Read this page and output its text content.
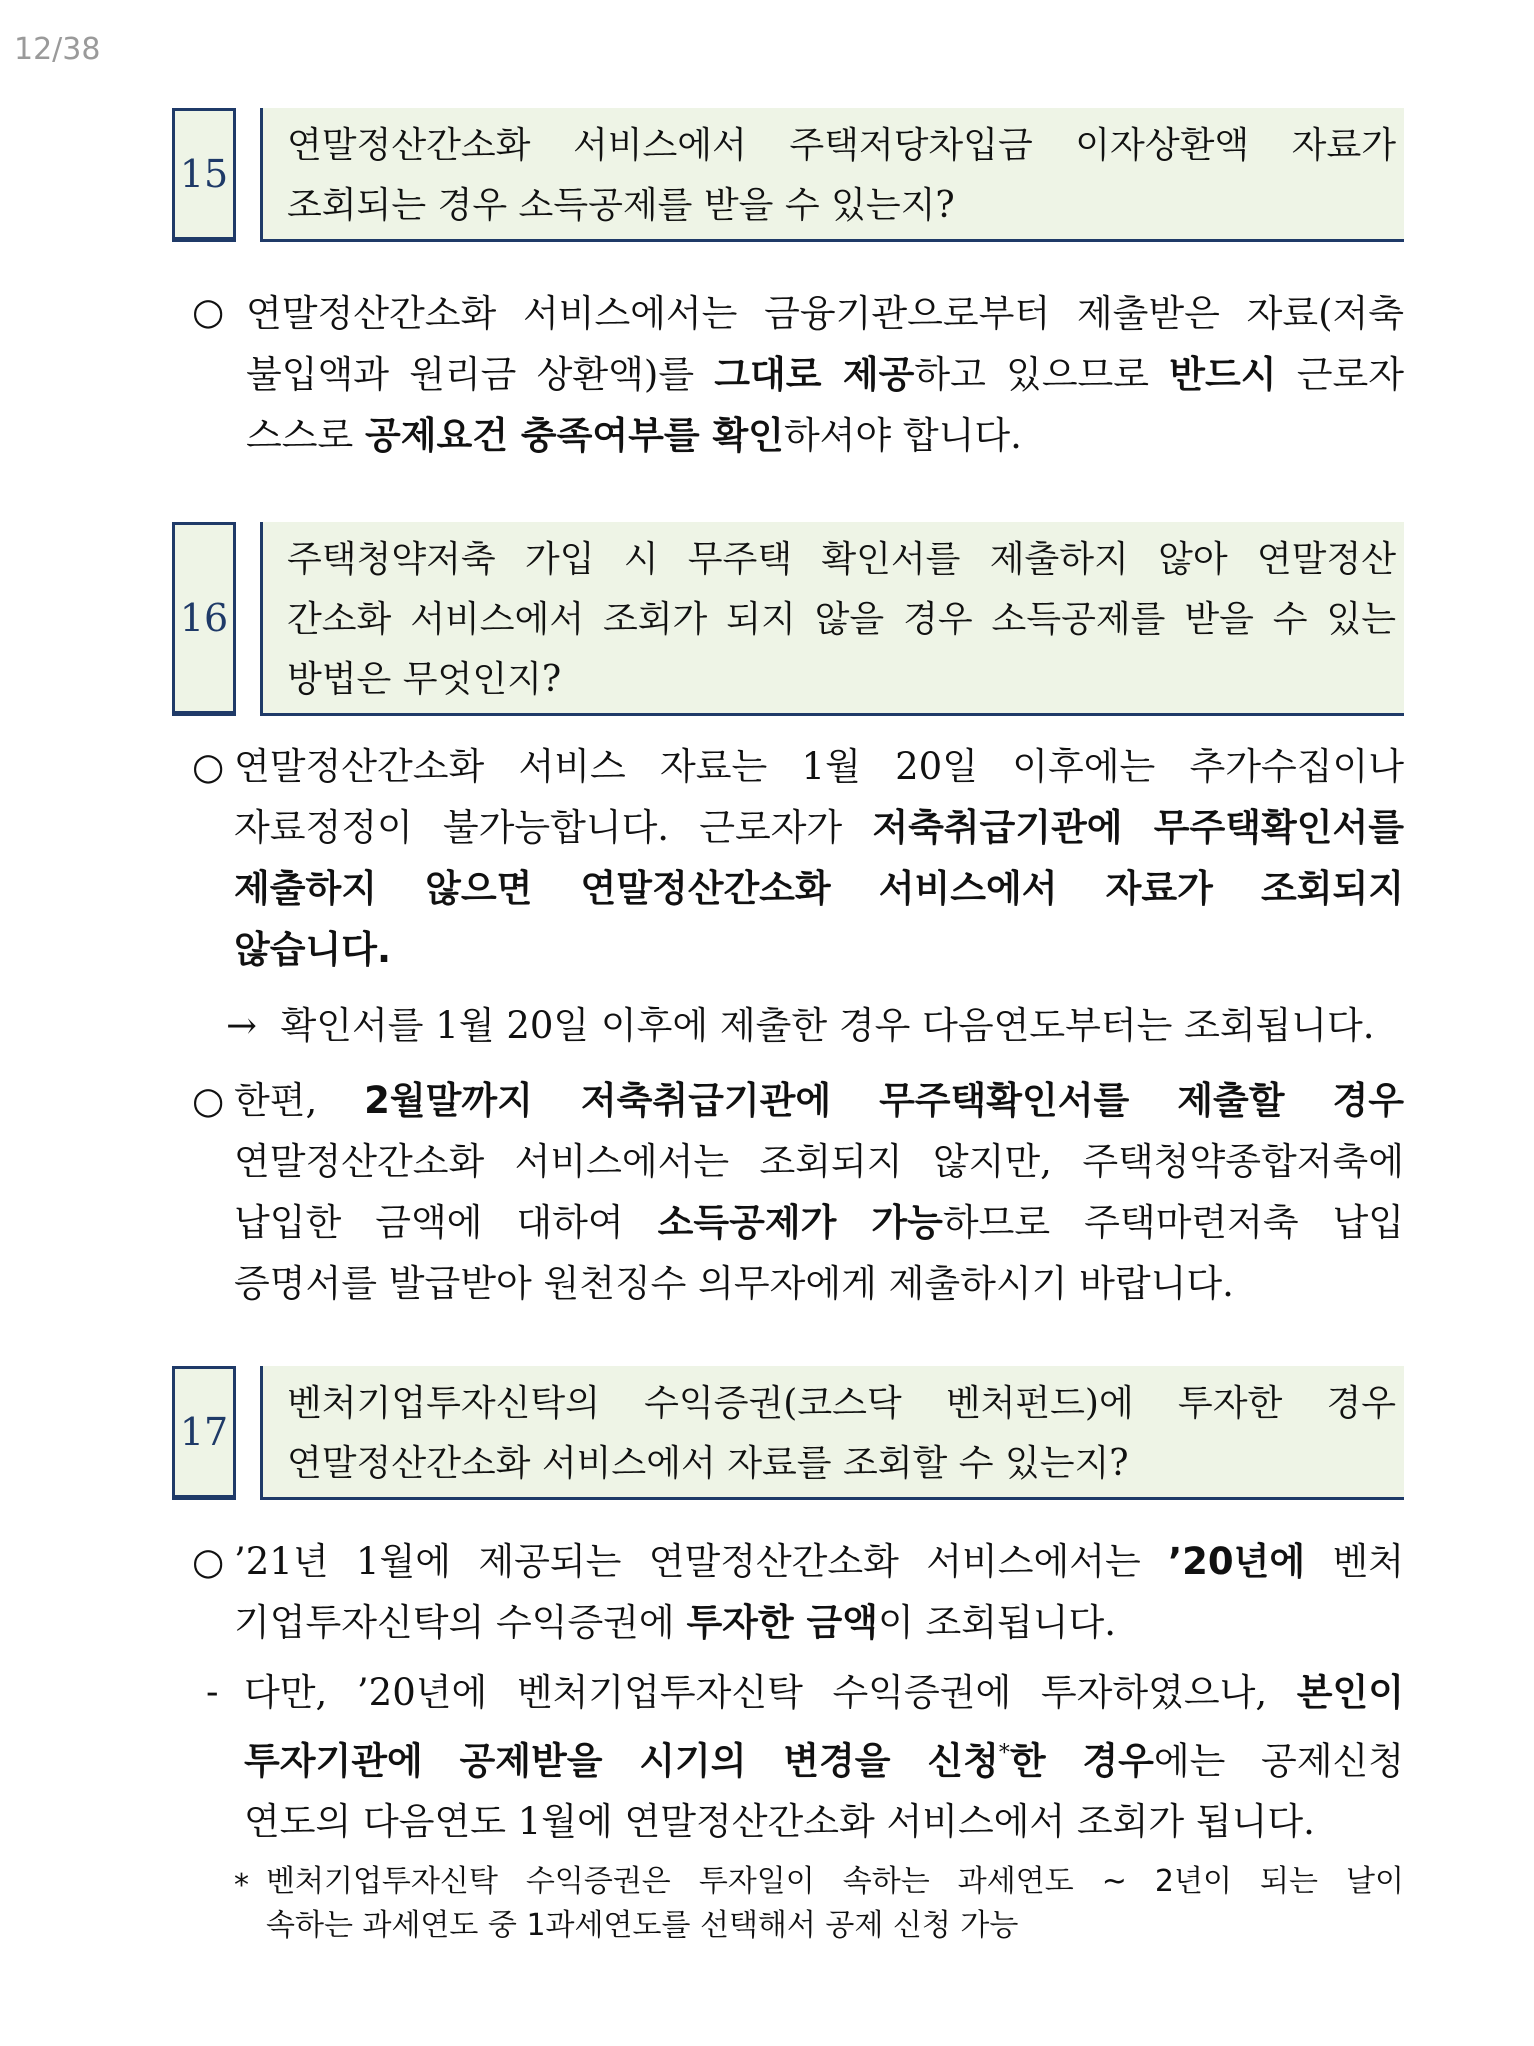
12/38
15
연말정산간소화 서비스에서 주택저당차입금 이자상환액 자료가
조회되는 경우 소득공제를 받을 수 있는지?
○ 연말정산간소화 서비스에서는 금융기관으로부터 제출받은 자료(저축
불입액과 원리금 상환액)를 그대로 제공하고 있으므로 반드시 근로자
스스로 공제요건 충족여부를 확인하셔야 합니다.
16
주택청약저축 가입 시 무주택 확인서를 제출하지 않아 연말정산
간소화 서비스에서 조회가 되지 않을 경우 소득공제를 받을 수 있는
방법은 무엇인지?
○ 연말정산간소화 서비스 자료는 1월 20일 이후에는 추가수집이나
자료정정이 불가능합니다. 근로자가 저축취급기관에 무주택확인서를
제출하지 않으면 연말정산간소화 서비스에서 자료가 조회되지
않습니다.
→ 확인서를 1월 20일 이후에 제출한 경우 다음연도부터는 조회됩니다.
○ 한편, 2월말까지 저축취급기관에 무주택확인서를 제출할 경우
연말정산간소화 서비스에서는 조회되지 않지만, 주택청약종합저축에
납입한 금액에 대하여 소득공제가 가능하므로 주택마련저축 납입
증명서를 발급받아 원천징수 의무자에게 제출하시기 바랍니다.
17
벤처기업투자신탁의 수익증권(코스닥 벤처펀드)에 투자한 경우
연말정산간소화 서비스에서 자료를 조회할 수 있는지?
○ ’21년 1월에 제공되는 연말정산간소화 서비스에서는 ’20년에 벤처
기업투자신탁의 수익증권에 투자한 금액이 조회됩니다.
- 다만, ’20년에 벤처기업투자신탁 수익증권에 투자하였으나, 본인이
투자기관에 공제받을 시기의 변경을 신청*한 경우에는 공제신청
연도의 다음연도 1월에 연말정산간소화 서비스에서 조회가 됩니다.
* 벤처기업투자신탁 수익증권은 투자일이 속하는 과세연도 ~ 2년이 되는 날이
속하는 과세연도 중 1과세연도를 선택해서 공제 신청 가능
